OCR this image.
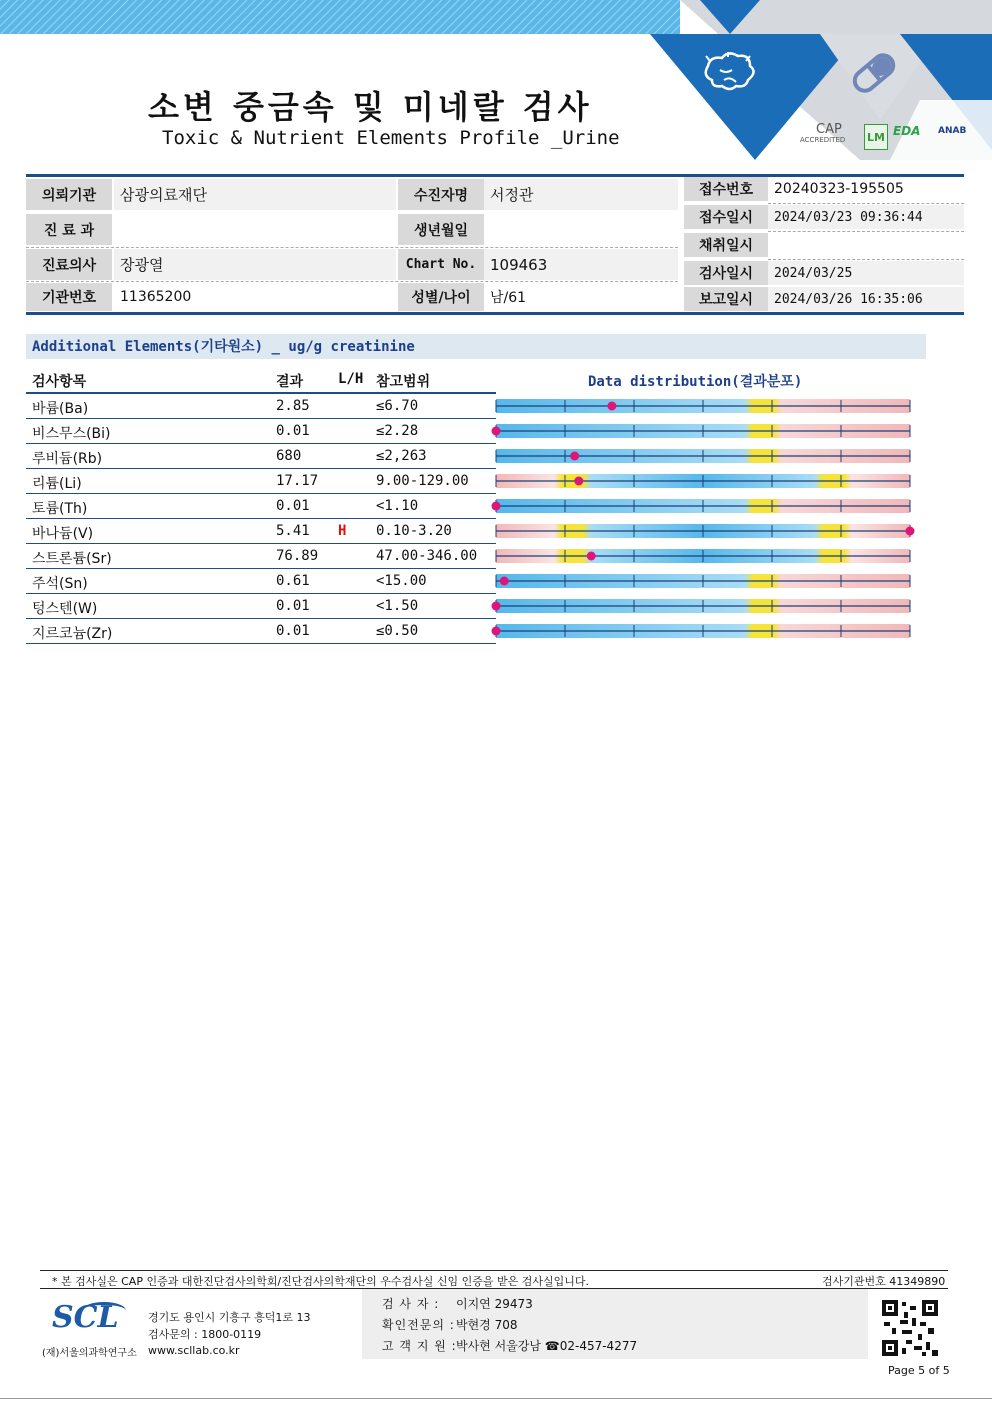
CAP
ACCREDITED LM EDA ANAB
소변 중금속 및 미네랄 검사
Toxic & Nutrient Elements Profile _Urine
의뢰기관	삼광의료재단
진 료 과
진료의사	장광열
기관번호	11365200
수진자명	서정관
생년월일
Chart No. 109463
성별/나이	남/61
접수번호	20240323-195505
접수일시	2024/03/23 09:36:44
채취일시
검사일시	2024/03/25
보고일시	2024/03/26 16:35:06
Additional Elements(기타원소) _ ug/g creatinine
검사항목	결과 L/H 참고범위	Data distribution(결과분포)
바륨(Ba)	2.85	≤6.70
비스무스(Bi)	0.01	≤2.28
루비듐(Rb)	680	≤2,263
리튬(Li)	17.17	9.00-129.00
토륨(Th)	0.01	<1.10
바나듐(V)	5.41 H 0.10-3.20
스트론튬(Sr)	76.89	47.00-346.00
주석(Sn)	0.61	<15.00
텅스텐(W)	0.01	<1.50
지르코늄(Zr)	0.01	≤0.50
* 본 검사실은 CAP 인증과 대한진단검사의학회/진단검사의학재단의 우수검사실 신임 인증을 받은 검사실입니다.	검사기관번호 41349890
SCL
(재)서울의과학연구소
경기도 용인시 기흥구 흥덕1로 13
검사문의 : 1800-0119
www.scllab.co.kr
검 사 자 : 이지연 29473
확인전문의 : 박현경 708
고 객 지 원 : 박사현 서울강남 ☎02-457-4277
Page 5 of 5
